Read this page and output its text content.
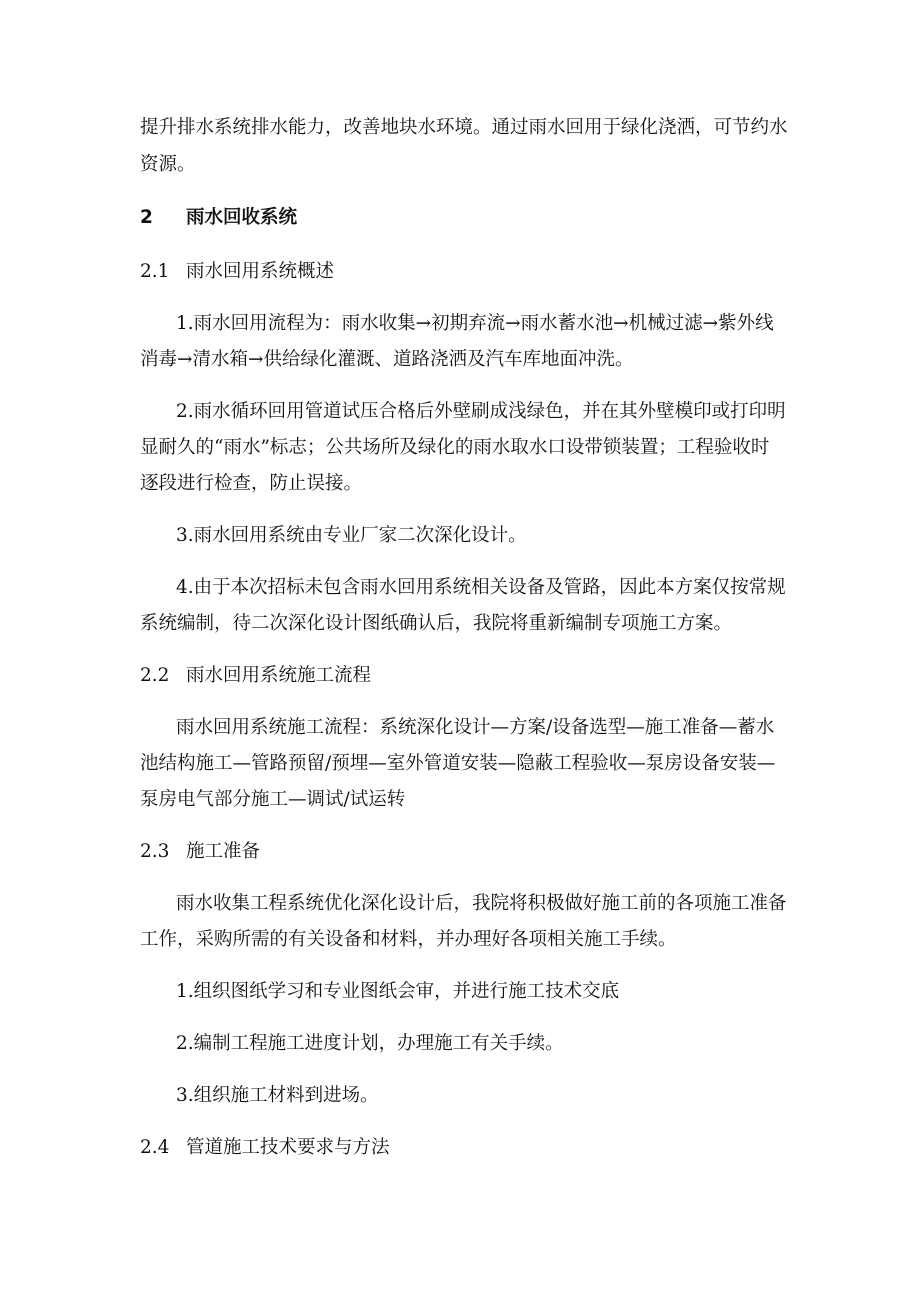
提升排水系统排水能力，改善地块水环境。通过雨水回用于绿化浇洒，可节约水
资源。
2 雨水回收系统
2.1 雨水回用系统概述
1.雨水回用流程为：雨水收集→初期弃流→雨水蓄水池→机械过滤→紫外线
消毒→清水箱→供给绿化灌溉、道路浇洒及汽车库地面冲洗。
2.雨水循环回用管道试压合格后外壁刷成浅绿色，并在其外壁模印或打印明
显耐久的“雨水”标志；公共场所及绿化的雨水取水口设带锁装置；工程验收时
逐段进行检查，防止误接。
3.雨水回用系统由专业厂家二次深化设计。
4.由于本次招标未包含雨水回用系统相关设备及管路，因此本方案仅按常规
系统编制，待二次深化设计图纸确认后，我院将重新编制专项施工方案。
2.2 雨水回用系统施工流程
雨水回用系统施工流程：系统深化设计—方案/设备选型—施工准备—蓄水
池结构施工—管路预留/预埋—室外管道安装—隐蔽工程验收—泵房设备安装—
泵房电气部分施工—调试/试运转
2.3 施工准备
雨水收集工程系统优化深化设计后，我院将积极做好施工前的各项施工准备
工作，采购所需的有关设备和材料，并办理好各项相关施工手续。
1.组织图纸学习和专业图纸会审，并进行施工技术交底
2.编制工程施工进度计划，办理施工有关手续。
3.组织施工材料到进场。
2.4 管道施工技术要求与方法
